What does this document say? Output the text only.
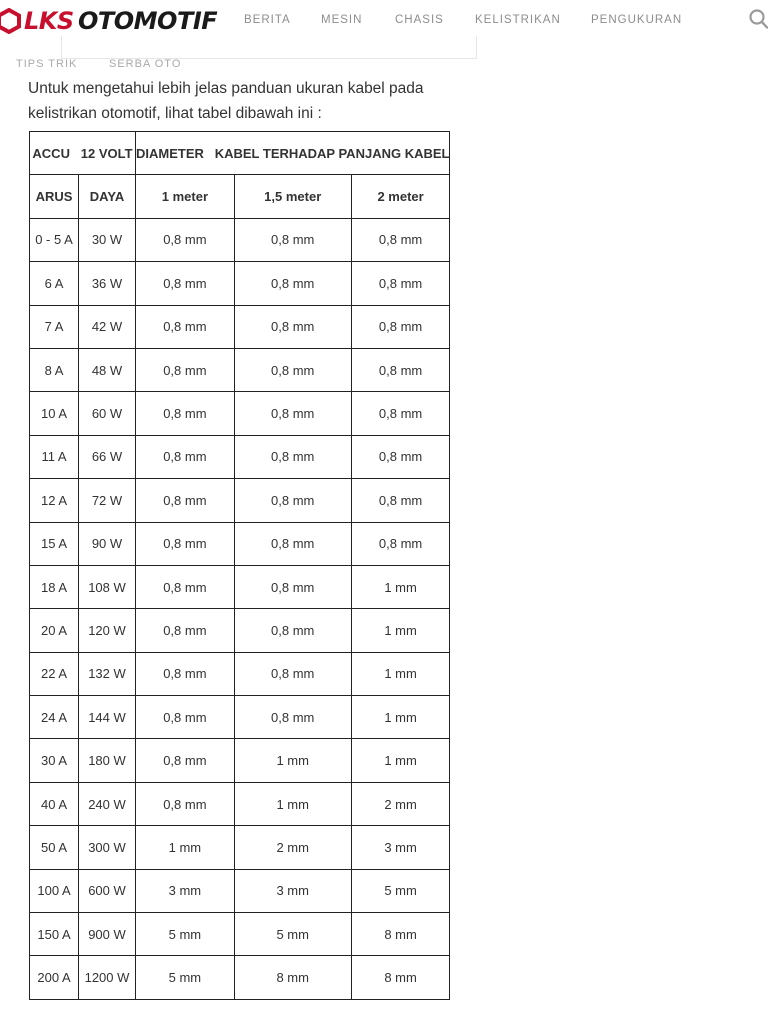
LKS  OTOMOTIF BERITA	MESIN	CHASIS	KELISTRIKAN	PENGUKURAN

Untuk mengetahui lebih jelas panduan ukuran kabel pada kelistrikan otomotif, lihat tabel dibawah ini :

TIPS TRIK	SERBA OTO
ACCU   12 VOLT		DIAMETER   KABEL TERHADAP PANJANG KABEL		
ARUS	DAYA	1 meter	1,5 meter	2 meter
0 - 5 A	30 W	0,8 mm	0,8 mm	0,8 mm
6 A	36 W	0,8 mm	0,8 mm	0,8 mm
7 A	42 W	0,8 mm	0,8 mm	0,8 mm
8 A	48 W	0,8 mm	0,8 mm	0,8 mm
10 A	60 W	0,8 mm	0,8 mm	0,8 mm
11 A	66 W	0,8 mm	0,8 mm	0,8 mm
12 A	72 W	0,8 mm	0,8 mm	0,8 mm
15 A	90 W	0,8 mm	0,8 mm	0,8 mm
18 A	108 W	0,8 mm	0,8 mm	1 mm
20 A	120 W	0,8 mm	0,8 mm	1 mm
22 A	132 W	0,8 mm	0,8 mm	1 mm
24 A	144 W	0,8 mm	0,8 mm	1 mm
30 A	180 W	0,8 mm	1 mm	1 mm
40 A	240 W	0,8 mm	1 mm	2 mm
50 A	300 W	1 mm	2 mm	3 mm
100 A	600 W	3 mm	3 mm	5 mm
150 A	900 W	5 mm	5 mm	8 mm
200 A	1200 W	5 mm	8 mm	8 mm
